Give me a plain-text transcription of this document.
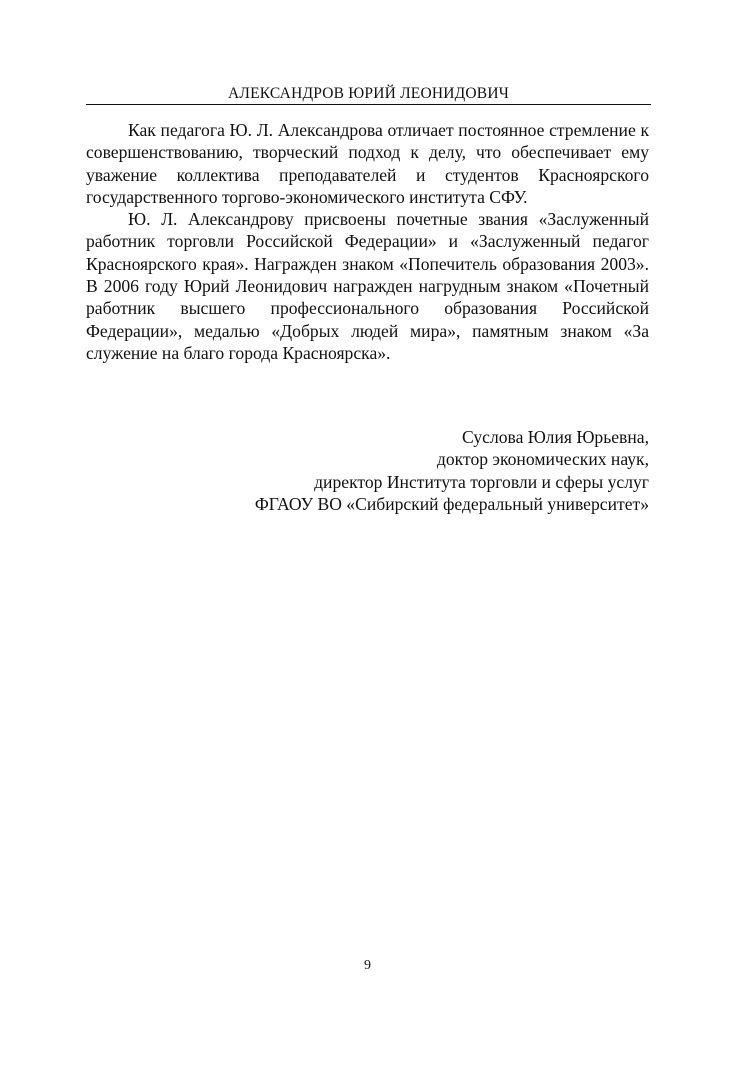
АЛЕКСАНДРОВ ЮРИЙ ЛЕОНИДОВИЧ

Как педагога Ю. Л. Александрова отличает постоянное стремление к совершенствованию, творческий подход к делу, что обеспечивает ему уважение коллектива преподавателей и студентов Красноярского государственного торгово-экономического института СФУ.

Ю. Л. Александрову присвоены почетные звания «Заслуженный работник торговли Российской Федерации» и «Заслуженный педагог Красноярского края». Награжден знаком «Попечитель образования 2003». В 2006 году Юрий Леонидович награжден нагрудным знаком «Почетный работник высшего профессионального образования Российской Федерации», медалью «Добрых людей мира», памятным знаком «За служение на благо города Красноярска».

Суслова Юлия Юрьевна,
доктор экономических наук,
директор Института торговли и сферы услуг
ФГАОУ ВО «Сибирский федеральный университет»
9
